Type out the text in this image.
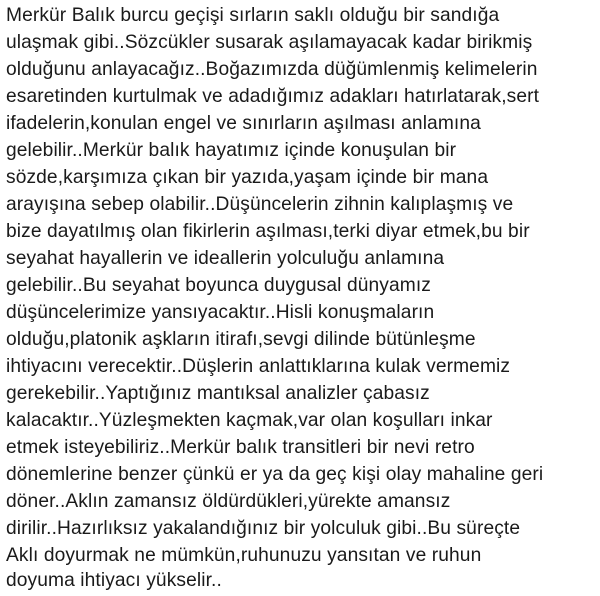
Merkür Balık burcu geçişi sırların saklı olduğu bir sandığa
ulaşmak gibi..Sözcükler susarak aşılamayacak kadar birikmiş
olduğunu anlayacağız..Boğazımızda düğümlenmiş kelimelerin
esaretinden kurtulmak ve adadığımız adakları hatırlatarak,sert
ifadelerin,konulan engel ve sınırların aşılması anlamına
gelebilir..Merkür balık hayatımız içinde konuşulan bir
sözde,karşımıza çıkan bir yazıda,yaşam içinde bir mana
arayışına sebep olabilir..Düşüncelerin zihnin kalıplaşmış ve
bize dayatılmış olan fikirlerin aşılması,terki diyar etmek,bu bir
seyahat hayallerin ve ideallerin yolculuğu anlamına
gelebilir..Bu seyahat boyunca duygusal dünyamız
düşüncelerimize yansıyacaktır..Hisli konuşmaların
olduğu,platonik aşkların itirafı,sevgi dilinde bütünleşme
ihtiyacını verecektir..Düşlerin anlattıklarına kulak vermemiz
gerekebilir..Yaptığınız mantıksal analizler çabasız
kalacaktır..Yüzleşmekten kaçmak,var olan koşulları inkar
etmek isteyebiliriz..Merkür balık transitleri bir nevi retro
dönemlerine benzer çünkü er ya da geç kişi olay mahaline geri
döner..Aklın zamansız öldürdükleri,yürekte amansız
dirilir..Hazırlıksız yakalandığınız bir yolculuk gibi..Bu süreçte
Aklı doyurmak ne mümkün,ruhunuzu yansıtan ve ruhun
doyuma ihtiyacı yükselir..
